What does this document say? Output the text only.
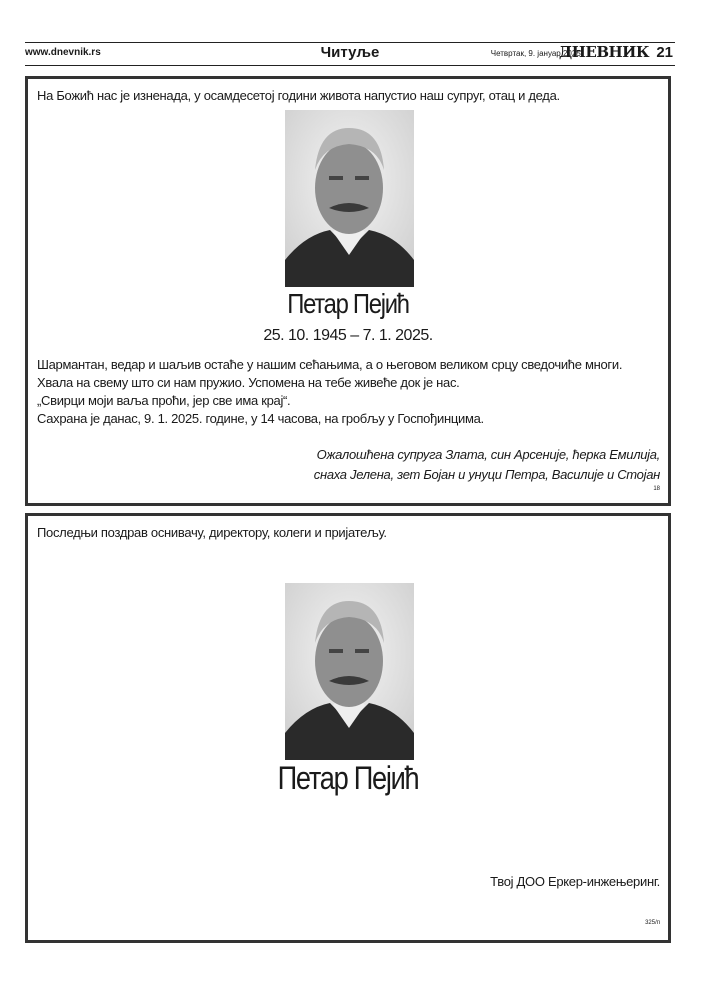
www.dnevnik.rs	Читуље	Четвртак, 9. јануар 2025.
ДНЕВНИК 21
На Божић нас је изненада, у осамдесетој години живота напустио наш супруг, отац и деда.
Петар Пејић
25. 10. 1945 – 7. 1. 2025.
Шармантан, ведар и шаљив остаће у нашим сећањима, а о његовом великом срцу сведочиће многи.
Хвала на свему што си нам пружио. Успомена на тебе живеће док је нас.
„Свирци моји ваља проћи, јер све има крај“.
Сахрана је данас, 9. 1. 2025. године, у 14 часова, на гробљу у Госпођинцима.
Ожалошћена супруга Злата, син Арсеније, ћерка Емилија,
снаха Јелена, зет Бојан и унуци Петра, Василије и Стојан
18
Последњи поздрав оснивачу, директору, колеги и пријатељу.
Петар Пејић
Твој ДОО Еркер-инжењеринг.
325/п
